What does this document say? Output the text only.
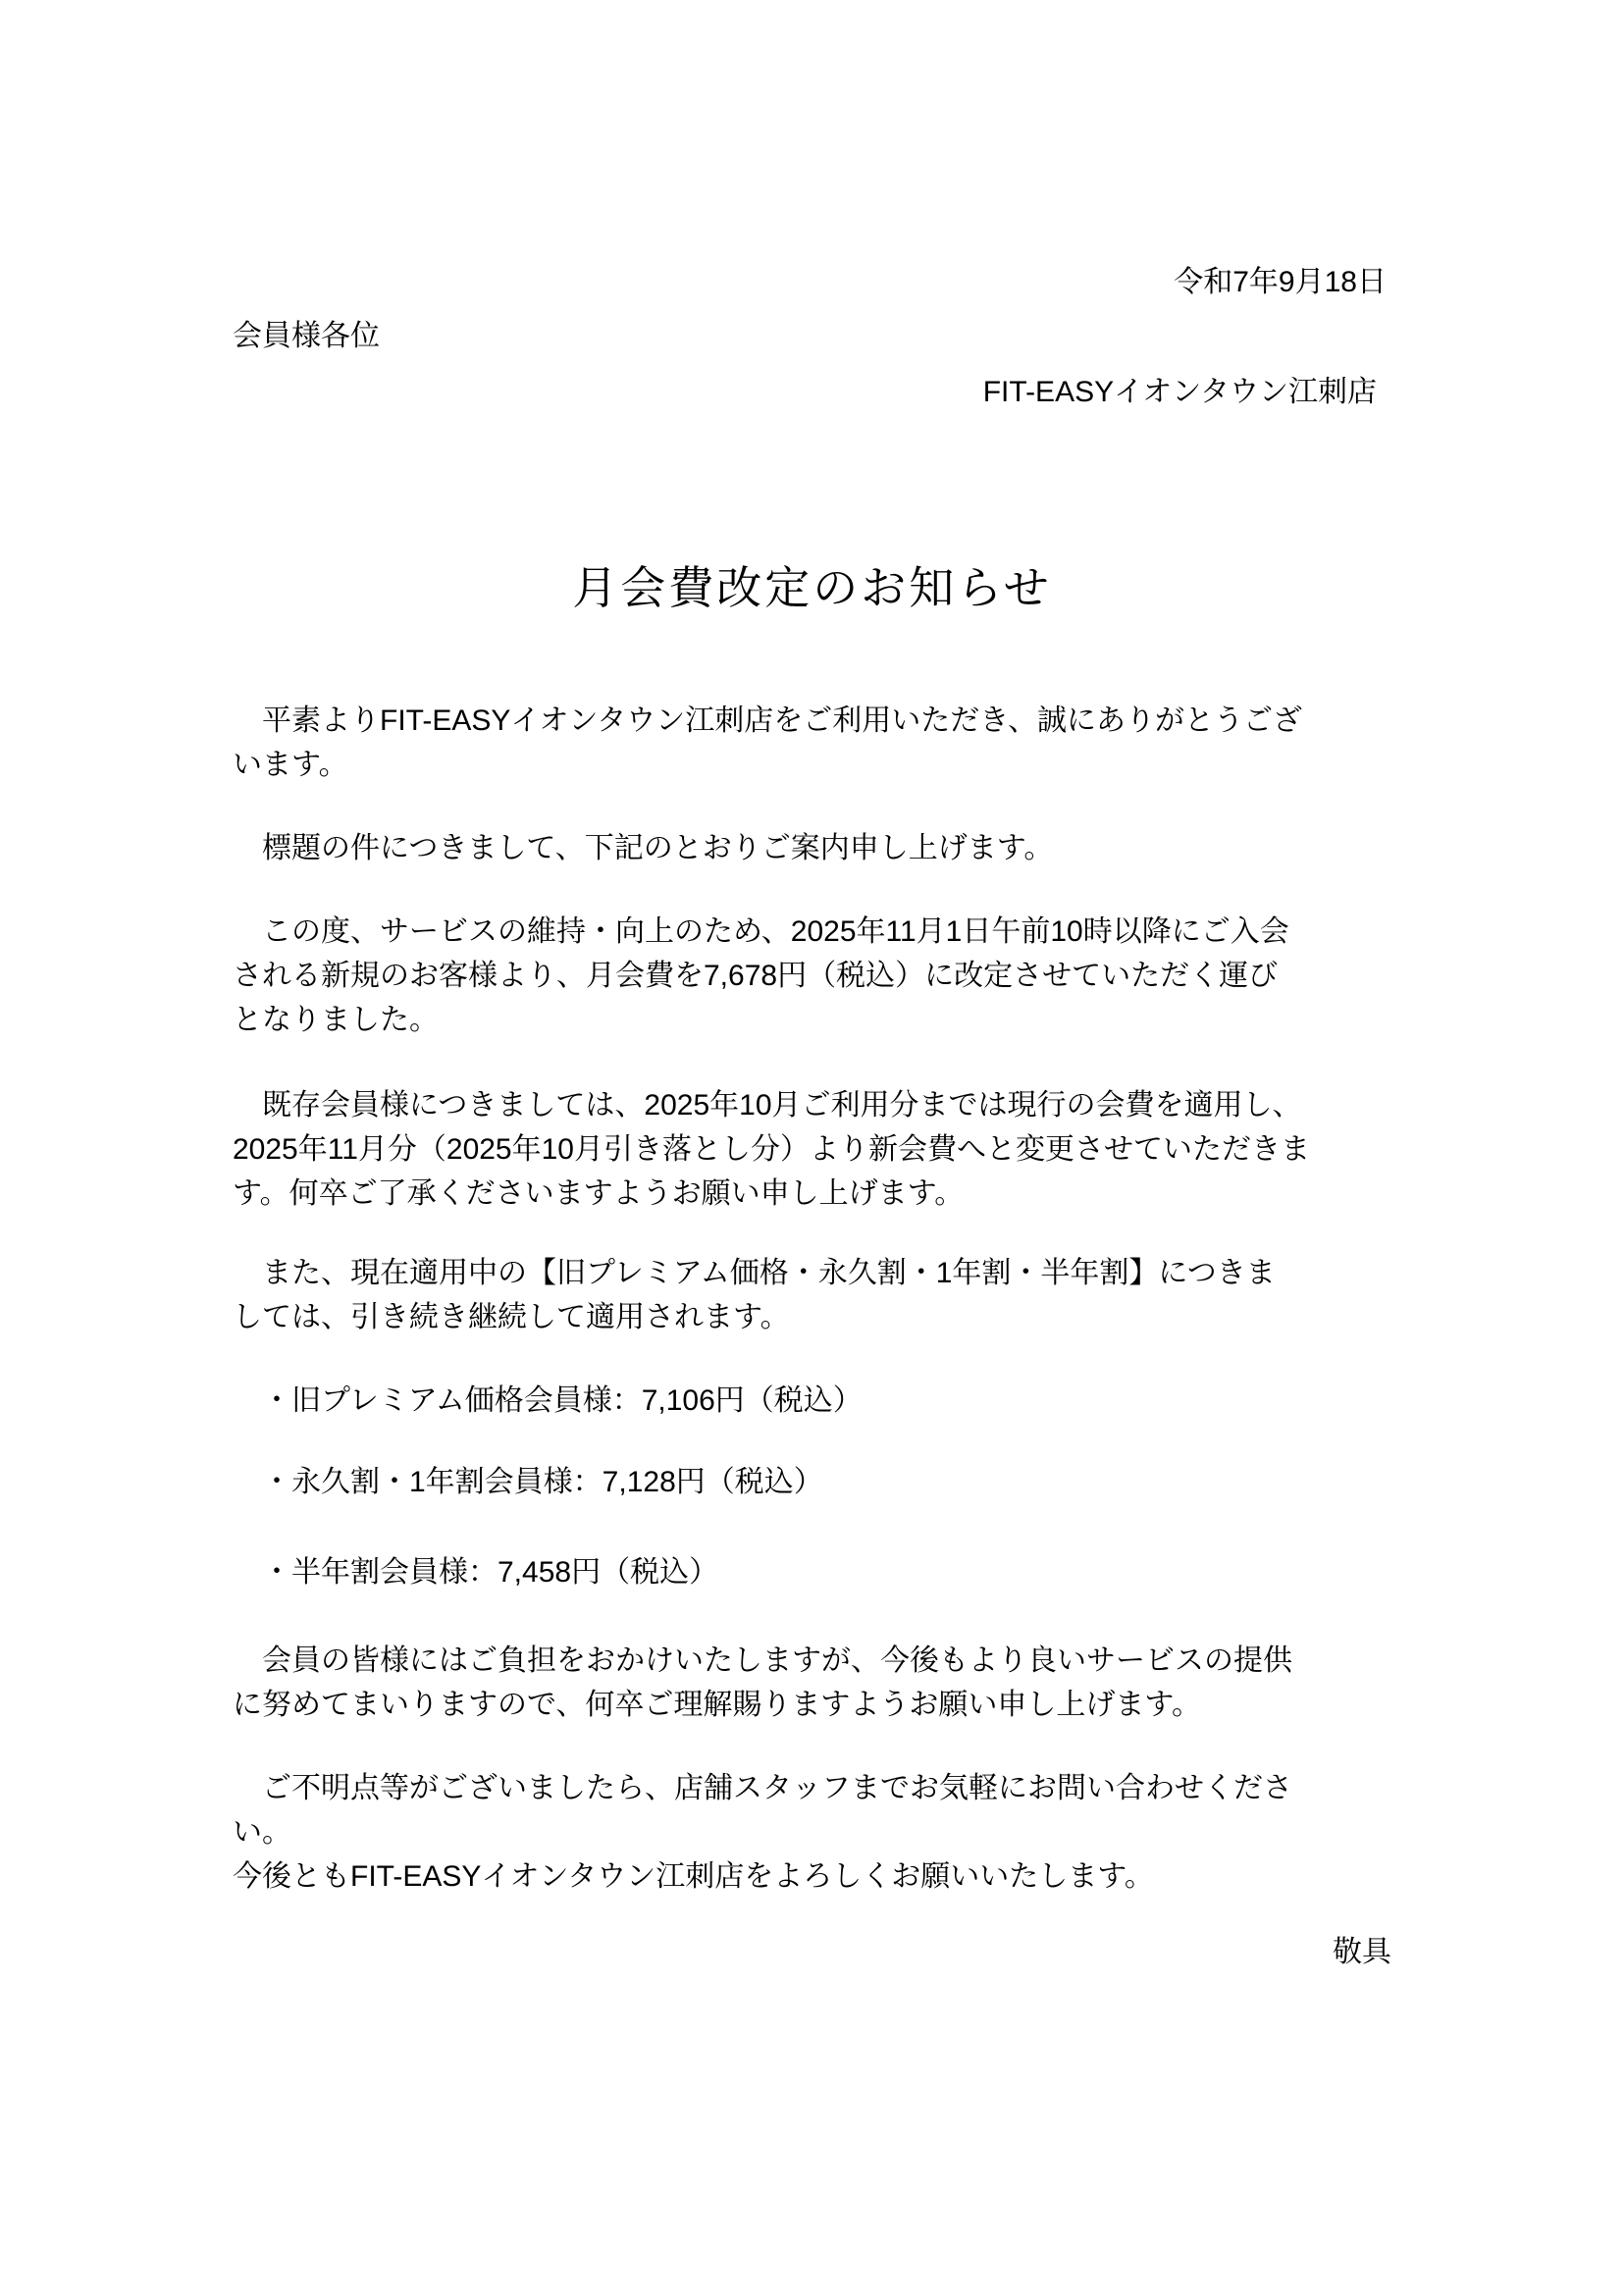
令和7年9月18日
会員様各位
FIT-EASYイオンタウン江刺店
月会費改定のお知らせ
　平素よりFIT-EASYイオンタウン江刺店をご利用いただき、誠にありがとうござ
います。
　標題の件につきまして、下記のとおりご案内申し上げます。
　この度、サービスの維持・向上のため、2025年11月1日午前10時以降にご入会
される新規のお客様より、月会費を7,678円（税込）に改定させていただく運び
となりました。
　既存会員様につきましては、2025年10月ご利用分までは現行の会費を適用し、
2025年11月分（2025年10月引き落とし分）より新会費へと変更させていただきま
す。何卒ご了承くださいますようお願い申し上げます。
　また、現在適用中の【旧プレミアム価格・永久割・1年割・半年割】につきま
しては、引き続き継続して適用されます。
　・旧プレミアム価格会員様：7,106円（税込）
　・永久割・1年割会員様：7,128円（税込）
　・半年割会員様：7,458円（税込）
　会員の皆様にはご負担をおかけいたしますが、今後もより良いサービスの提供
に努めてまいりますので、何卒ご理解賜りますようお願い申し上げます。
　ご不明点等がございましたら、店舗スタッフまでお気軽にお問い合わせくださ
い。
今後ともFIT-EASYイオンタウン江刺店をよろしくお願いいたします。
敬具
